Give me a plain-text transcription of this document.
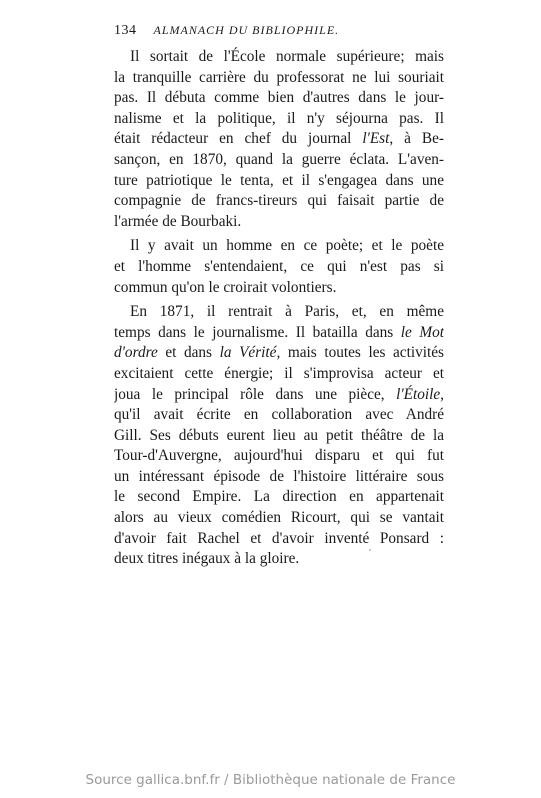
134 ALMANACH DU BIBLIOPHILE.
Il sortait de l'École normale supérieure; mais
la tranquille carrière du professorat ne lui souriait
pas. Il débuta comme bien d'autres dans le jour-
nalisme et la politique, il n'y séjourna pas. Il
était rédacteur en chef du journal l'Est, à Be-
sançon, en 1870, quand la guerre éclata. L'aven-
ture patriotique le tenta, et il s'engagea dans une
compagnie de francs-tireurs qui faisait partie de
l'armée de Bourbaki.
Il y avait un homme en ce poète; et le poète
et l'homme s'entendaient, ce qui n'est pas si
commun qu'on le croirait volontiers.
En 1871, il rentrait à Paris, et, en même
temps dans le journalisme. Il batailla dans le Mot
d'ordre et dans la Vérité, mais toutes les activités
excitaient cette énergie; il s'improvisa acteur et
joua le principal rôle dans une pièce, l'Étoile,
qu'il avait écrite en collaboration avec André
Gill. Ses débuts eurent lieu au petit théâtre de la
Tour-d'Auvergne, aujourd'hui disparu et qui fut
un intéressant épisode de l'histoire littéraire sous
le second Empire. La direction en appartenait
alors au vieux comédien Ricourt, qui se vantait
d'avoir fait Rachel et d'avoir inventé Ponsard :
deux titres inégaux à la gloire.
Source gallica.bnf.fr / Bibliothèque nationale de France
